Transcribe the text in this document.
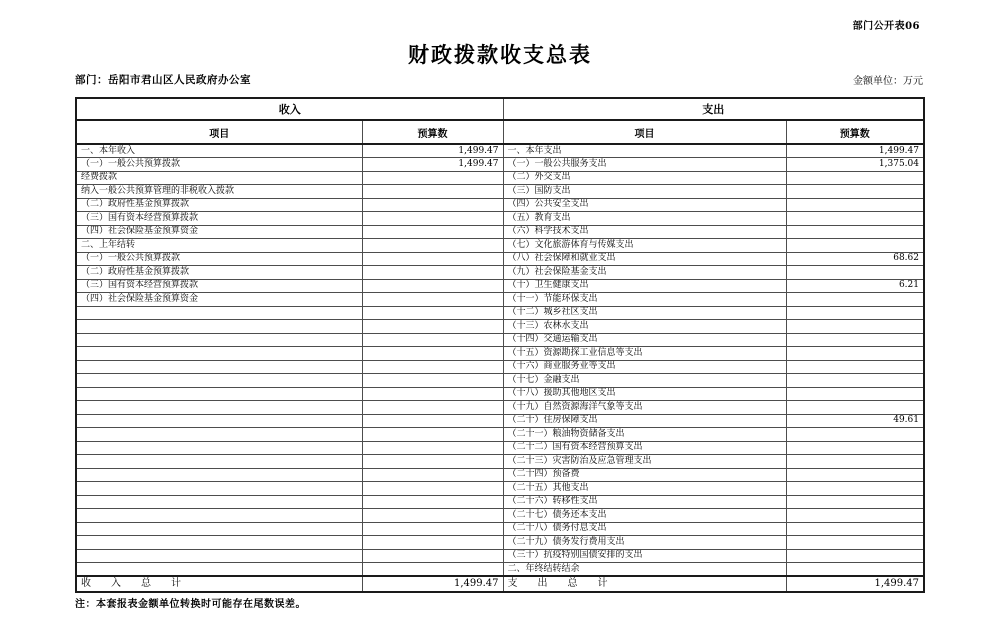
部门公开表06
财政拨款收支总表
部门：岳阳市君山区人民政府办公室	金额单位：万元
收入		支出	
项目	预算数	项目	预算数
一、本年收入	1,499.47	一、本年支出	1,499.47
（一）一般公共预算拨款	1,499.47	（一）一般公共服务支出	1,375.04
经费拨款		（二）外交支出	
纳入一般公共预算管理的非税收入拨款		（三）国防支出	
（二）政府性基金预算拨款		（四）公共安全支出	
（三）国有资本经营预算拨款		（五）教育支出	
（四）社会保险基金预算资金		（六）科学技术支出	
二、上年结转		（七）文化旅游体育与传媒支出	
（一）一般公共预算拨款		（八）社会保障和就业支出	68.62
（二）政府性基金预算拨款		（九）社会保险基金支出	
（三）国有资本经营预算拨款		（十）卫生健康支出	6.21
（四）社会保险基金预算资金		（十一）节能环保支出	
		（十二）城乡社区支出	
		（十三）农林水支出	
		（十四）交通运输支出	
		（十五）资源勘探工业信息等支出	
		（十六）商业服务业等支出	
		（十七）金融支出	
		（十八）援助其他地区支出	
		（十九）自然资源海洋气象等支出	
		（二十）住房保障支出	49.61
		（二十一）粮油物资储备支出	
		（二十二）国有资本经营预算支出	
		（二十三）灾害防治及应急管理支出	
		（二十四）预备费	
		（二十五）其他支出	
		（二十六）转移性支出	
		（二十七）债务还本支出	
		（二十八）债务付息支出	
		（二十九）债务发行费用支出	
		（三十）抗疫特别国债安排的支出	
		二、年终结转结余	
收　　入　　总　　计	1,499.47	支　　出　　总　　计	1,499.47
注：本套报表金额单位转换时可能存在尾数误差。
